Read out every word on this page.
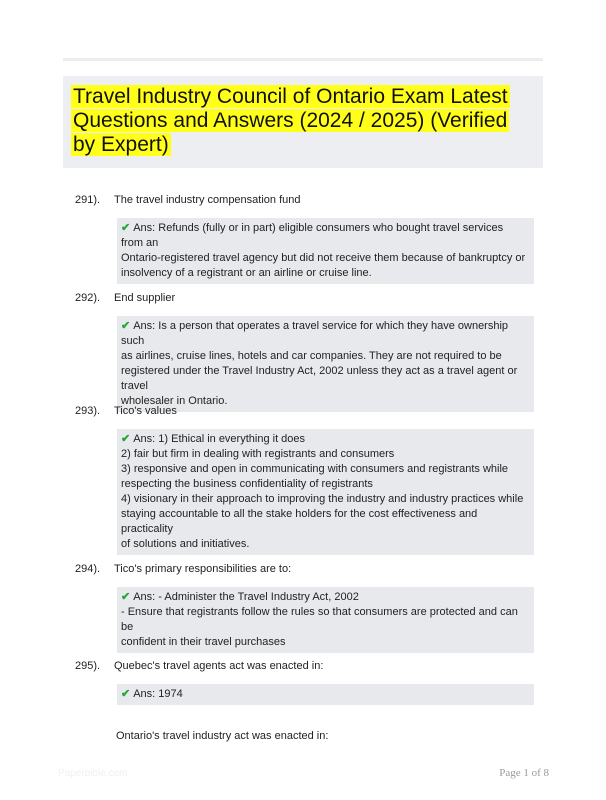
Travel Industry Council of Ontario Exam Latest Questions and Answers (2024 / 2025) (Verified by Expert)
291). The travel industry compensation fund
✔ Ans: Refunds (fully or in part) eligible consumers who bought travel services from an
Ontario-registered travel agency but did not receive them because of bankruptcy or
insolvency of a registrant or an airline or cruise line.
292). End supplier
✔ Ans: Is a person that operates a travel service for which they have ownership such
as airlines, cruise lines, hotels and car companies. They are not required to be
registered under the Travel Industry Act, 2002 unless they act as a travel agent or travel
wholesaler in Ontario.
293). Tico's values
✔ Ans: 1) Ethical in everything it does
2) fair but firm in dealing with registrants and consumers
3) responsive and open in communicating with consumers and registrants while
respecting the business confidentiality of registrants
4) visionary in their approach to improving the industry and industry practices while
staying accountable to all the stake holders for the cost effectiveness and practicality
of solutions and initiatives.
294). Tico's primary responsibilities are to:
✔ Ans: - Administer the Travel Industry Act, 2002
- Ensure that registrants follow the rules so that consumers are protected and can be
confident in their travel purchases
295). Quebec's travel agents act was enacted in:
✔ Ans: 1974
Ontario's travel industry act was enacted in:
Paperbible.com	Page 1 of 8
